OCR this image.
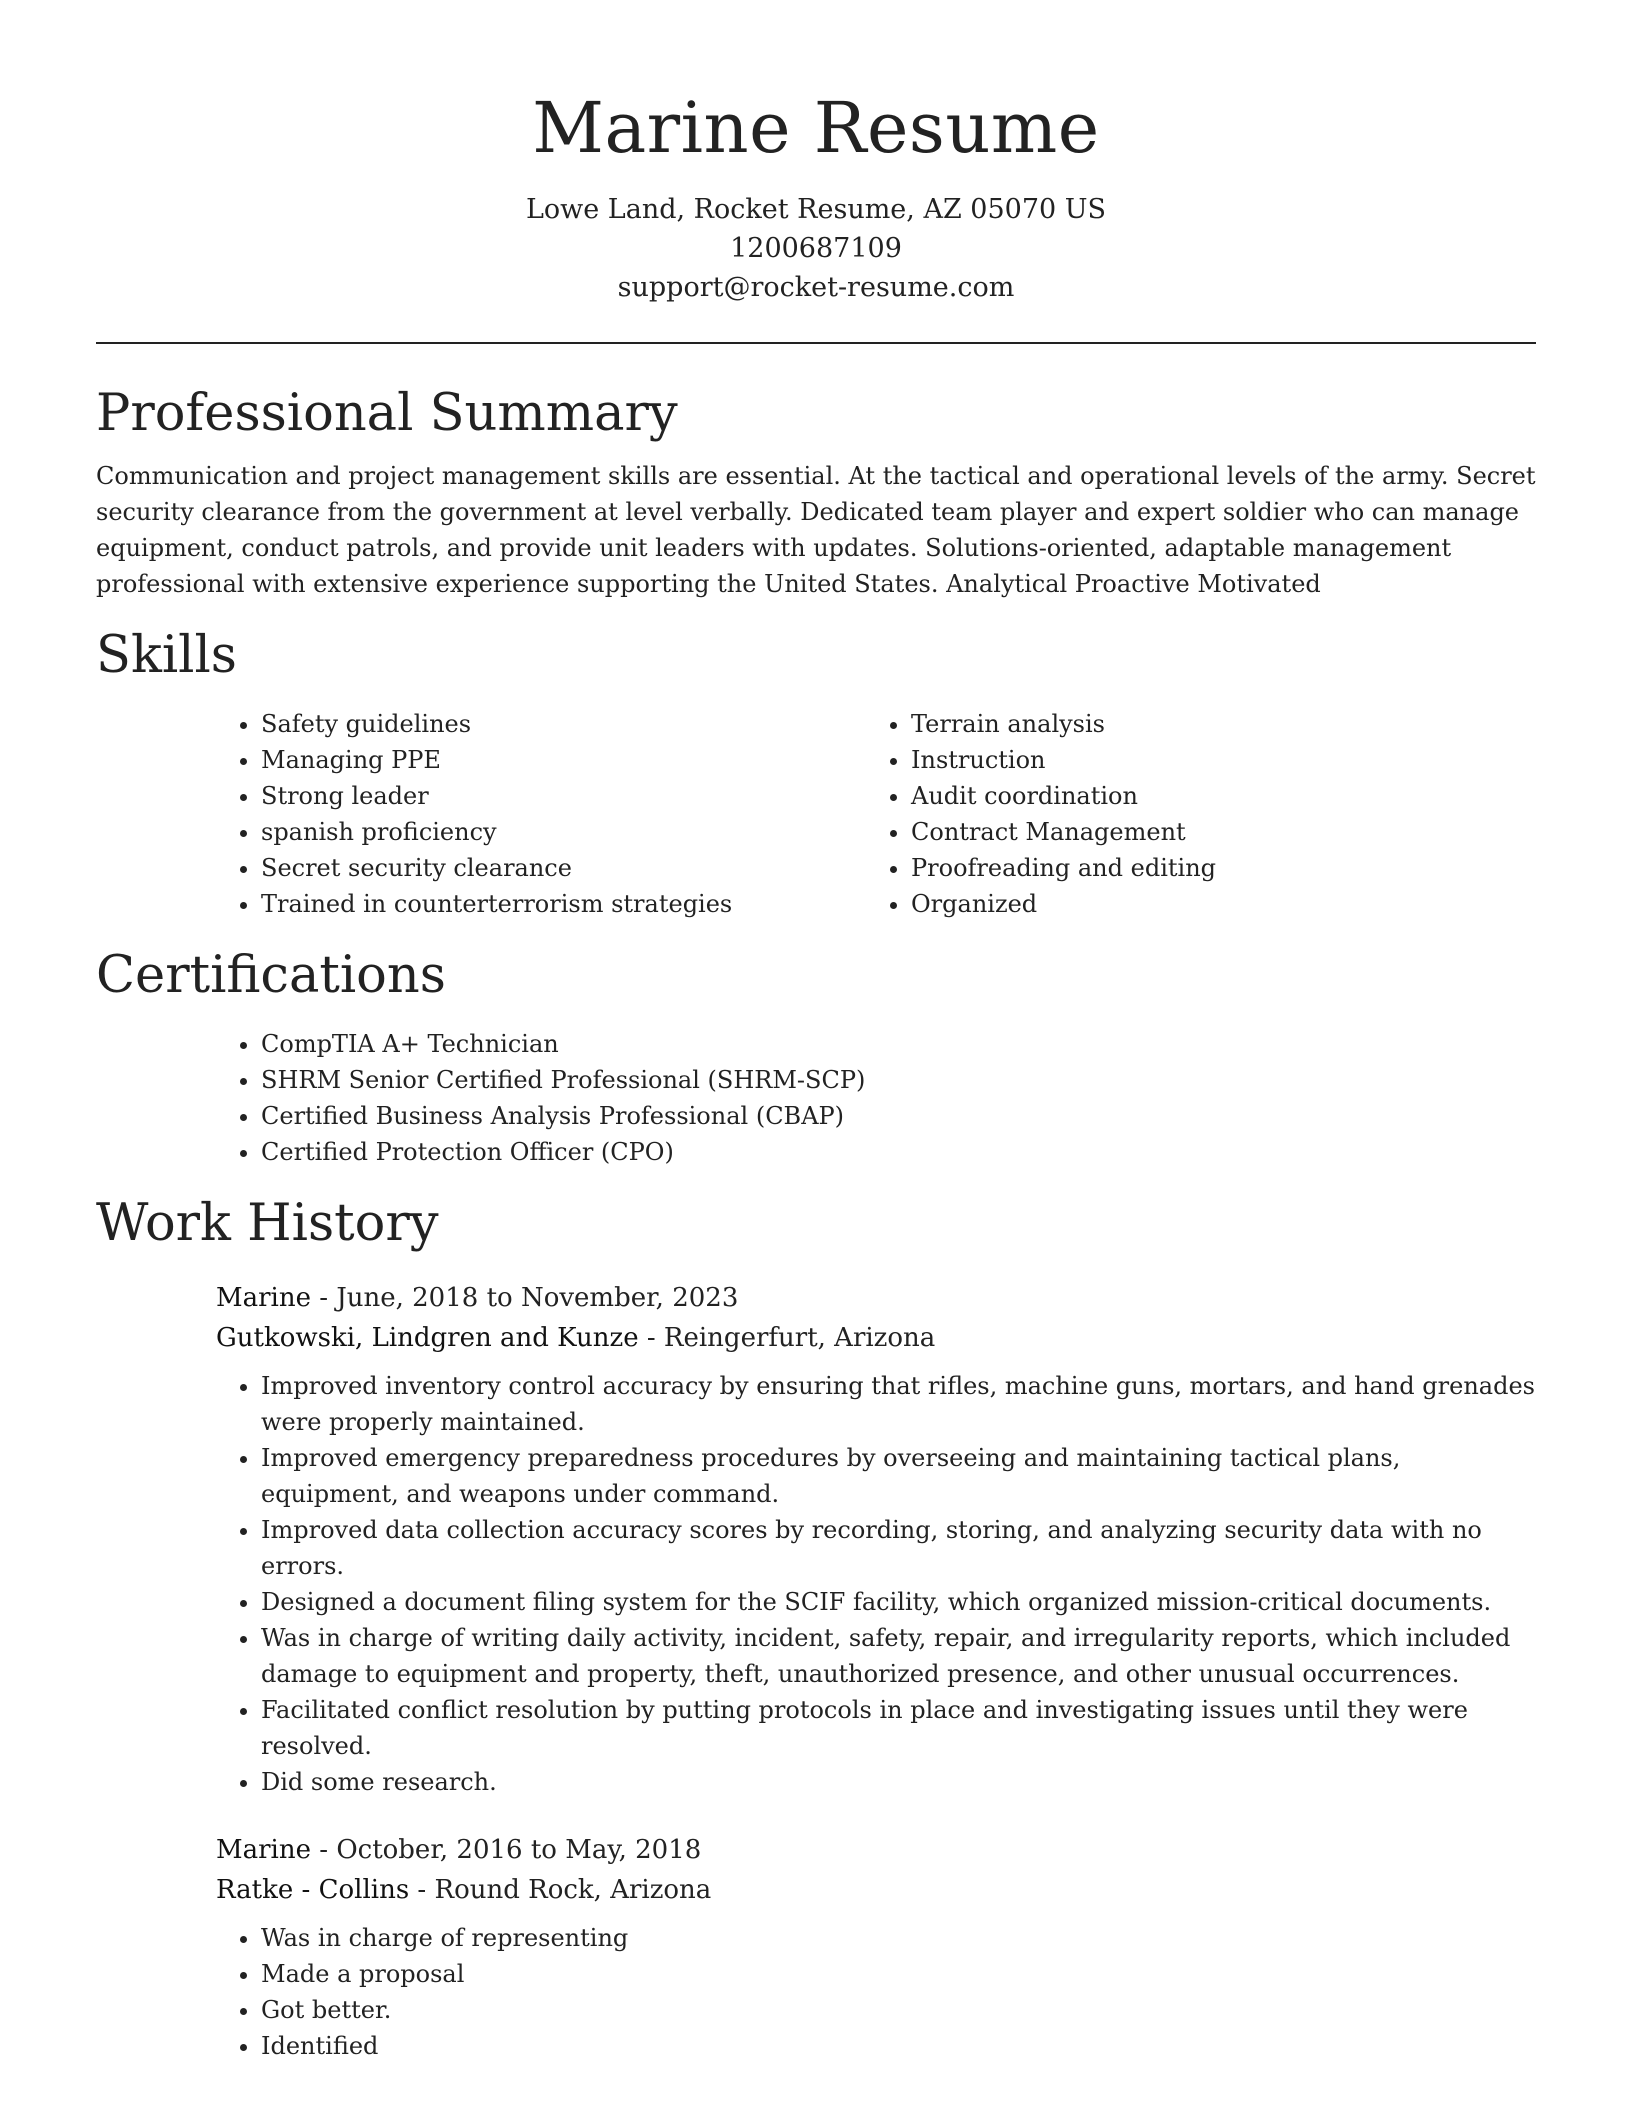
Marine Resume
Lowe Land, Rocket Resume, AZ 05070 US
1200687109
support@rocket-resume.com
Professional Summary

Communication and project management skills are essential. At the tactical and operational levels of the army. Secret security clearance from the government at level verbally. Dedicated team player and expert soldier who can manage equipment, conduct patrols, and provide unit leaders with updates. Solutions-oriented, adaptable management professional with extensive experience supporting the United States. Analytical Proactive Motivated

Skills
• Safety guidelines
• Managing PPE
• Strong leader
• spanish proficiency
• Secret security clearance
• Trained in counterterrorism strategies
• Terrain analysis
• Instruction
• Audit coordination
• Contract Management
• Proofreading and editing
• Organized
Certifications
• CompTIA A+ Technician
• SHRM Senior Certified Professional (SHRM-SCP)
• Certified Business Analysis Professional (CBAP)
• Certified Protection Officer (CPO)
Work History
Marine - June, 2018 to November, 2023
Gutkowski, Lindgren and Kunze - Reingerfurt, Arizona
• Improved inventory control accuracy by ensuring that rifles, machine guns, mortars, and hand grenades were properly maintained.
• Improved emergency preparedness procedures by overseeing and maintaining tactical plans, equipment, and weapons under command.
• Improved data collection accuracy scores by recording, storing, and analyzing security data with no errors.
• Designed a document filing system for the SCIF facility, which organized mission-critical documents.
• Was in charge of writing daily activity, incident, safety, repair, and irregularity reports, which included damage to equipment and property, theft, unauthorized presence, and other unusual occurrences.
• Facilitated conflict resolution by putting protocols in place and investigating issues until they were resolved.
• Did some research.
Marine - October, 2016 to May, 2018
Ratke - Collins - Round Rock, Arizona
• Was in charge of representing
• Made a proposal
• Got better.
• Identified
